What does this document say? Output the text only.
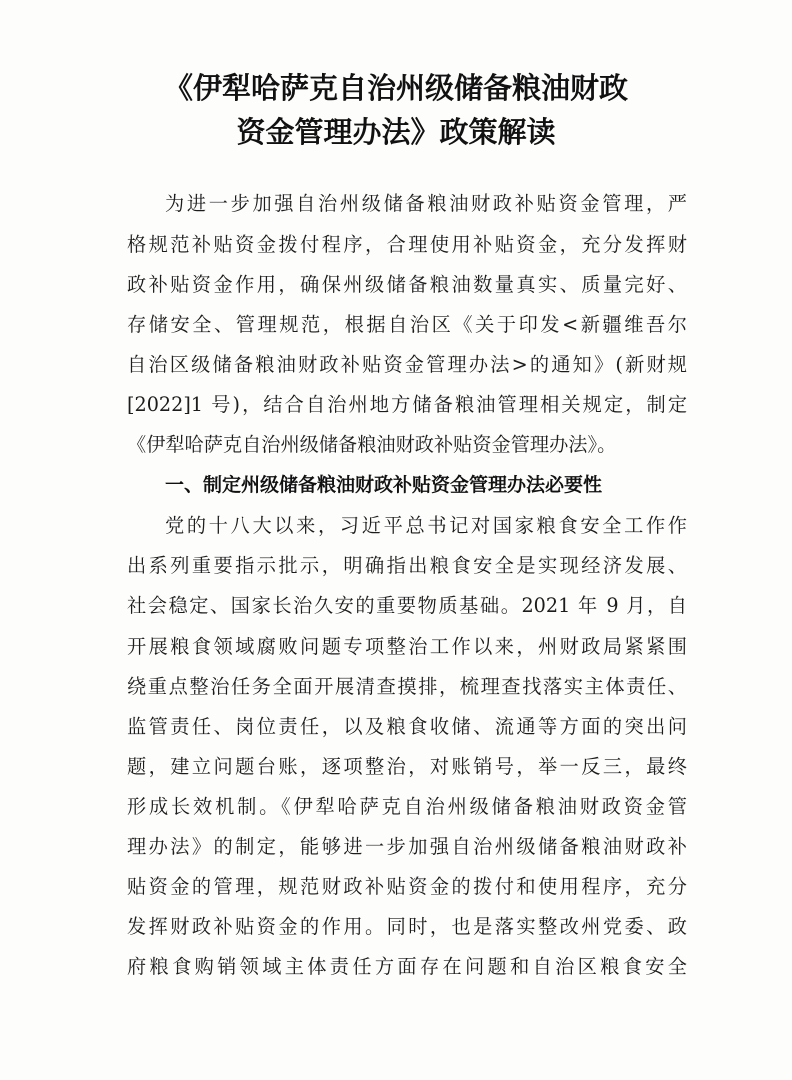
《伊犁哈萨克自治州级储备粮油财政
资金管理办法》政策解读
为进一步加强自治州级储备粮油财政补贴资金管理，严
格规范补贴资金拨付程序，合理使用补贴资金，充分发挥财
政补贴资金作用，确保州级储备粮油数量真实、质量完好、
存储安全、管理规范，根据自治区《关于印发<新疆维吾尔
自治区级储备粮油财政补贴资金管理办法>的通知》(新财规
[2022]1 号)，结合自治州地方储备粮油管理相关规定，制定
《伊犁哈萨克自治州级储备粮油财政补贴资金管理办法》。
一、制定州级储备粮油财政补贴资金管理办法必要性
党的十八大以来，习近平总书记对国家粮食安全工作作
出系列重要指示批示，明确指出粮食安全是实现经济发展、
社会稳定、国家长治久安的重要物质基础。2021 年 9 月，自
开展粮食领域腐败问题专项整治工作以来，州财政局紧紧围
绕重点整治任务全面开展清查摸排，梳理查找落实主体责任、
监管责任、岗位责任，以及粮食收储、流通等方面的突出问
题，建立问题台账，逐项整治，对账销号，举一反三，最终
形成长效机制。《伊犁哈萨克自治州级储备粮油财政资金管
理办法》的制定，能够进一步加强自治州级储备粮油财政补
贴资金的管理，规范财政补贴资金的拨付和使用程序，充分
发挥财政补贴资金的作用。同时，也是落实整改州党委、政
府粮食购销领域主体责任方面存在问题和自治区粮食安全
